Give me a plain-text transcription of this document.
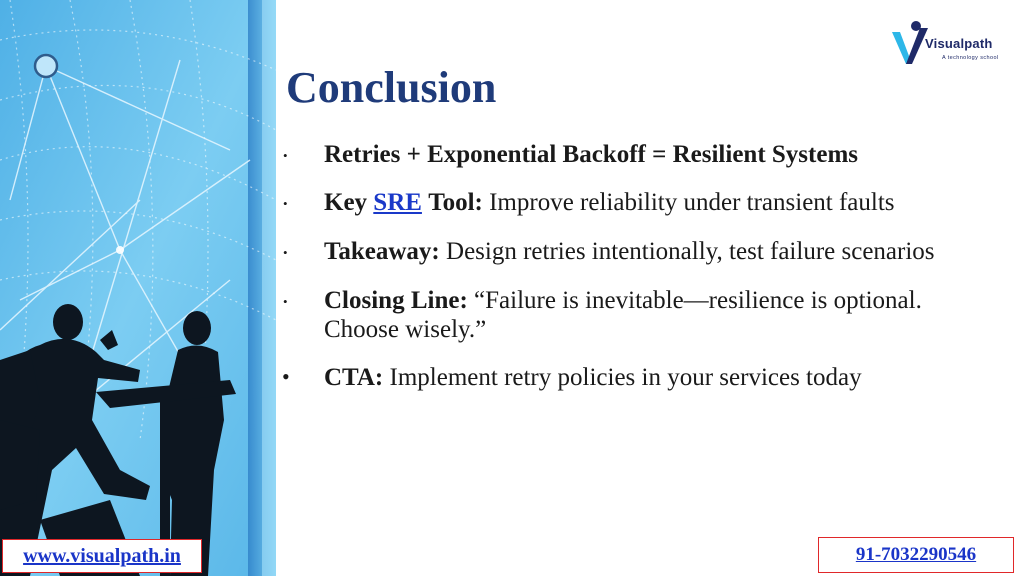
Visualpath
A technology school
Conclusion
• Retries + Exponential Backoff = Resilient Systems
• Key SRE Tool: Improve reliability under transient faults
• Takeaway: Design retries intentionally, test failure scenarios
• Closing Line: “Failure is inevitable—resilience is optional. Choose wisely.”
• CTA: Implement retry policies in your services today
www.visualpath.in	91-7032290546
